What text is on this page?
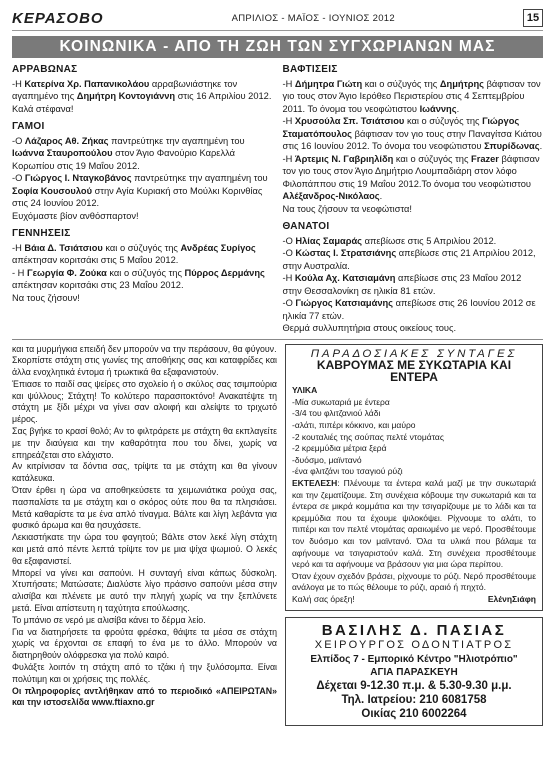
ΚΕΡΑΣΟΒΟ	ΑΠΡΙΛΙΟΣ - ΜΑΪΟΣ - ΙΟΥΝΙΟΣ 2012	15
ΚΟΙΝΩΝΙΚΑ - ΑΠΟ ΤΗ ΖΩΗ ΤΩΝ ΣΥΓΧΩΡΙΑΝΩΝ ΜΑΣ
ΑΡΡΑΒΩΝΑΣ

-Η Κατερίνα Χρ. Παπανικολάου αρραβωνιάστηκε τον αγαπημένο της Δημήτρη Κοντογιάννη στις 16 Απριλίου 2012.

Καλά στέφανα!

ΓΑΜΟΙ

-Ο Λάζαρος Αθ. Ζήκας παντρεύτηκε την αγαπημένη του Ιωάννα Σταυροπούλου στον Άγιο Φανούριο Καρελλά Κορωπίου στις 19 Μαΐου 2012.

-Ο Γιώργος Ι. Νταγκοβάνος παντρεύτηκε την αγαπημένη του Σοφία Κουσουλού στην Αγία Κυριακή στο Μούλκι Κορινθίας στις 24 Ιουνίου 2012.

Ευχόμαστε βίον ανθόσπαρτον!

ΓΕΝΝΗΣΕΙΣ

-Η Βάια Δ. Τσιάτσιου και ο σύζυγός της Ανδρέας Συρίγος απέκτησαν κοριτσάκι στις 5 Μαΐου 2012.

- Η Γεωργία Φ. Ζούκα και ο σύζυγός της Πύρρος Δερμάνης απέκτησαν κοριτσάκι στις 23 Μαΐου 2012.

Να τους ζήσουν!

ΒΑΦΤΙΣΕΙΣ

-Η Δήμητρα Γιώτη και ο σύζυγός της Δημήτρης βάφτισαν τον γιο τους στον Άγιο Ιερόθεο Περιστερίου στις 4 Σεπτεμβρίου 2011. Το όνομα του νεοφώτιστου Ιωάννης.

-Η Χρυσούλα Σπ. Τσιάτσιου και ο σύζυγός της Γιώργος Σταματόπουλος βάφτισαν τον γιο τους στην Παναγίτσα Κιάτου στις 16 Ιουνίου 2012. Το όνομα του νεοφώτιστου Σπυρίδωνας.

-Η Άρτεμις Ν. Γαβριηλίδη και ο σύζυγός της Frazer βάφτισαν τον γιο τους στον Άγιο Δημήτριο Λουμπαδιάρη στον λόφο Φιλοπάππου στις 19 Μαΐου 2012.Το όνομα του νεοφώτιστου Αλέξανδρος-Νικόλαος.

Να τους ζήσουν τα νεοφώτιστα!

ΘΑΝΑΤΟΙ

-Ο Ηλίας Σαμαράς απεβίωσε στις 5 Απριλίου 2012.

-Ο Κώστας Ι. Στρατσιάνης απεβίωσε στις 21 Απριλίου 2012, στην Αυστραλία.

-Η Κούλα Αχ. Κατσιαμάνη απεβίωσε στις 23 Μαΐου 2012 στην Θεσσαλονίκη σε ηλικία 81 ετών.

-Ο Γιώργος Κατσιαμάνης απεβίωσε στις 26 Ιουνίου 2012 σε ηλικία 77 ετών.

Θερμά συλλυπητήρια στους οικείους τους.

και τα μυρμήγκια επειδή δεν μπορούν να την περάσουν, θα φύγουν.

Σκορπίστε στάχτη στις γωνίες της αποθήκης σας και καταφρίδες και άλλα ενοχλητικά έντομα ή τρωκτικά θα εξαφανιστούν.

Έπιασε το παιδί σας ψείρες στο σχολείο ή ο σκύλος σας τσιμπούρια και ψύλλους; Στάχτη! Το κολύτερο παρασιτοκτόνο! Ανακατέψτε τη στάχτη με ξίδι μέχρι να γίνει σαν αλοιφή και αλείψτε το τριχωτό μέρος.

Σας βγήκε το κρασί θολό; Αν το φιλτράρετε με στάχτη θα εκπλαγείτε με την διαύγεια και την καθαρότητα που του δίνει, χωρίς να επηρεάζεται στο ελάχιστο.

Αν κιτρίνισαν τα δόντια σας, τρίψτε τα με στάχτη και θα γίνουν κατάλευκα.

Όταν έρθει η ώρα να αποθηκεύσετε τα χειμωνιάτικα ρούχα σας, πασπαλίστε τα με στάχτη και ο σκόρος ούτε που θα τα πλησιάσει. Μετά καθαρίστε τα με ένα απλό τίναγμα. Βάλτε και λίγη λεβάντα για φυσικό άρωμα και θα ησυχάσετε.

Λεκιαστήκατε την ώρα του φαγητού; Βάλτε στον λεκέ λίγη στάχτη και μετά από πέντε λεπτά τρίψτε τον με μια ψίχα ψωμιού. Ο λεκές θα εξαφανιστεί.

Μπορεί να γίνει και σαπούνι. Η συνταγή είναι κάπως δύσκολη. Χτυπήσατε; Ματώσατε; Διαλύστε λίγο πράσινο σαπούνι μέσα στην αλισίβα και πλένετε με αυτό την πληγή χωρίς να την ξεπλύνετε μετά. Είναι απίστευτη η ταχύτητα επούλωσης.

Το μπάνιο σε νερό με αλισίβα κάνει το δέρμα λείο.

Για να διατηρήσετε τα φρούτα φρέσκα, θάψτε τα μέσα σε στάχτη χωρίς να έρχονται σε επαφή το ένα με το άλλο. Μπορούν να διατηρηθούν ολόφρεσκα για πολύ καιρό.

Φυλάξτε λοιπόν τη στάχτη από το τζάκι ή την ξυλόσομπα. Είναι πολύτιμη και οι χρήσεις της πολλές.

Οι πληροφορίες αντλήθηκαν από το περιοδικό «ΑΠΕΙΡΩΤΑΝ» και την ιστοσελίδα www.ftiaxno.gr

ΠΑΡΑΔΟΣΙΑΚΕΣ ΣΥΝΤΑΓΕΣ
ΚΑΒΡΟΥΜΑΣ ΜΕ ΣΥΚΩΤΑΡΙΑ ΚΑΙ ΕΝΤΕΡΑ
ΥΛΙΚΑ
-Μία συκωταριά με έντερα
-3/4 του φλιτζανιού λάδι
-αλάτι, πιπέρι κόκκινο, και μαύρο
-2 κουταλιές της σούπας πελτέ ντομάτας
-2 κρεμμύδια μέτρια ξερά
-δυόσμο, μαϊντανό
-ένα φλιτζάνι του τσαγιού ρύζι
ΕΚΤΕΛΕΣΗ: Πλένουμε τα έντερα καλά μαζί με την συκωταριά και την ζεματίζουμε. Στη συνέχεια κόβουμε την συκωταριά και τα έντερα σε μικρά κομμάτια και την τσιγαρίζουμε με το λάδι και τα κρεμμύδια που τα έχουμε ψιλοκόψει. Ρίχνουμε το αλάτι, το πιπέρι και τον πελτέ ντομάτας αραιωμένο με νερό. Προσθέτουμε τον δυόσμο και τον μαϊντανό. Όλα τα υλικά που βάλαμε τα αφήνουμε να τσιγαριστούν καλά. Στη συνέχεια προσθέτουμε νερό και τα αφήνουμε να βράσουν για μια ώρα περίπου.
Όταν έχουν σχεδόν βράσει, ρίχνουμε το ρύζι. Νερό προσθέτουμε ανάλογα με το πώς θέλουμε το ρύζι, αραιό ή πηχτό.
Καλή σας όρεξη!	ΕλένηΣιάφη
ΒΑΣΙΛΗΣ Δ. ΠΑΣΙΑΣ
ΧΕΙΡΟΥΡΓΟΣ ΟΔΟΝΤΙΑΤΡΟΣ
Ελπίδος 7 - Εμπορικό Κέντρο "Ηλιοτρόπιο"
ΑΓΙΑ ΠΑΡΑΣΚΕΥΗ
Δέχεται 9-12.30 π.μ. & 5.30-9.30 μ.μ.
Τηλ. Ιατρείου: 210 6081758
Οικίας 210 6002264
